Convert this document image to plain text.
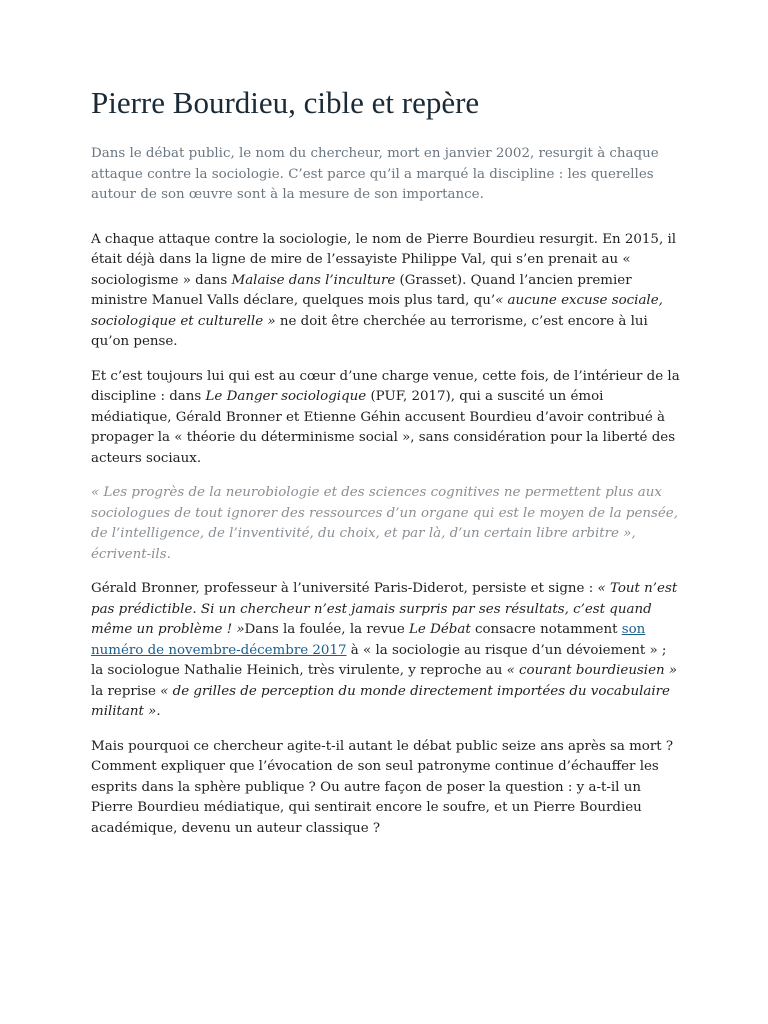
Pierre Bourdieu, cible et repère

Dans le débat public, le nom du chercheur, mort en janvier 2002, resurgit à chaque attaque contre la sociologie. C’est parce qu’il a marqué la discipline : les querelles autour de son œuvre sont à la mesure de son importance.

A chaque attaque contre la sociologie, le nom de Pierre Bourdieu resurgit. En 2015, il était déjà dans la ligne de mire de l’essayiste Philippe Val, qui s’en prenait au « sociologisme » dans Malaise dans l’inculture (Grasset). Quand l’ancien premier ministre Manuel Valls déclare, quelques mois plus tard, qu’« aucune excuse sociale, sociologique et culturelle » ne doit être cherchée au terrorisme, c’est encore à lui qu’on pense.

Et c’est toujours lui qui est au cœur d’une charge venue, cette fois, de l’intérieur de la discipline : dans Le Danger sociologique (PUF, 2017), qui a suscité un émoi médiatique, Gérald Bronner et Etienne Géhin accusent Bourdieu d’avoir contribué à propager la « théorie du déterminisme social », sans considération pour la liberté des acteurs sociaux.

« Les progrès de la neurobiologie et des sciences cognitives ne permettent plus aux sociologues de tout ignorer des ressources d’un organe qui est le moyen de la pensée, de l’intelligence, de l’inventivité, du choix, et par là, d’un certain libre arbitre », écrivent-ils.

Gérald Bronner, professeur à l’université Paris-Diderot, persiste et signe : « Tout n’est pas prédictible. Si un chercheur n’est jamais surpris par ses résultats, c’est quand même un problème ! »Dans la foulée, la revue Le Débat consacre notamment son numéro de novembre-décembre 2017 à « la sociologie au risque d’un dévoiement » ; la sociologue Nathalie Heinich, très virulente, y reproche au « courant bourdieusien » la reprise « de grilles de perception du monde directement importées du vocabulaire militant ».

Mais pourquoi ce chercheur agite-t-il autant le débat public seize ans après sa mort ? Comment expliquer que l’évocation de son seul patronyme continue d’échauffer les esprits dans la sphère publique ? Ou autre façon de poser la question : y a-t-il un Pierre Bourdieu médiatique, qui sentirait encore le soufre, et un Pierre Bourdieu académique, devenu un auteur classique ?
